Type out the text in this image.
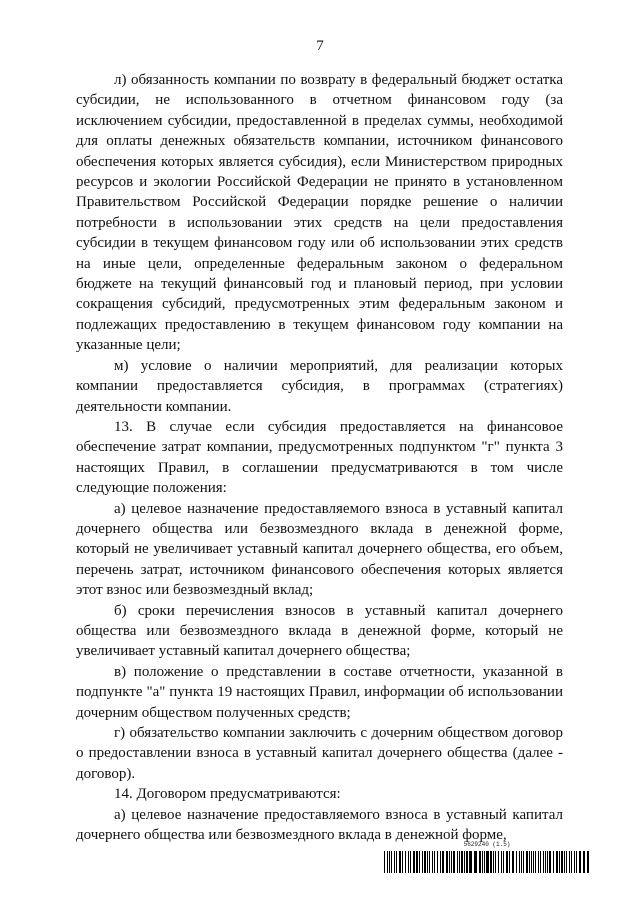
7

л) обязанность компании по возврату в федеральный бюджет остатка субсидии, не использованного в отчетном финансовом году (за исключением субсидии, предоставленной в пределах суммы, необходимой для оплаты денежных обязательств компании, источником финансового обеспечения которых является субсидия), если Министерством природных ресурсов и экологии Российской Федерации не принято в установленном Правительством Российской Федерации порядке решение о наличии потребности в использовании этих средств на цели предоставления субсидии в текущем финансовом году или об использовании этих средств на иные цели, определенные федеральным законом о федеральном бюджете на текущий финансовый год и плановый период, при условии сокращения субсидий, предусмотренных этим федеральным законом и подлежащих предоставлению в текущем финансовом году компании на указанные цели;

м) условие о наличии мероприятий, для реализации которых компании предоставляется субсидия, в программах (стратегиях) деятельности компании.

13. В случае если субсидия предоставляется на финансовое обеспечение затрат компании, предусмотренных подпунктом "г" пункта 3 настоящих Правил, в соглашении предусматриваются в том числе следующие положения:

а) целевое назначение предоставляемого взноса в уставный капитал дочернего общества или безвозмездного вклада в денежной форме, который не увеличивает уставный капитал дочернего общества, его объем, перечень затрат, источником финансового обеспечения которых является этот взнос или безвозмездный вклад;

б) сроки перечисления взносов в уставный капитал дочернего общества или безвозмездного вклада в денежной форме, который не увеличивает уставный капитал дочернего общества;

в) положение о представлении в составе отчетности, указанной в подпункте "а" пункта 19 настоящих Правил, информации об использовании дочерним обществом полученных средств;

г) обязательство компании заключить с дочерним обществом договор о предоставлении взноса в уставный капитал дочернего общества (далее - договор).

14. Договором предусматриваются:

а) целевое назначение предоставляемого взноса в уставный капитал дочернего общества или безвозмездного вклада в денежной форме,

5629240 (1.5)
